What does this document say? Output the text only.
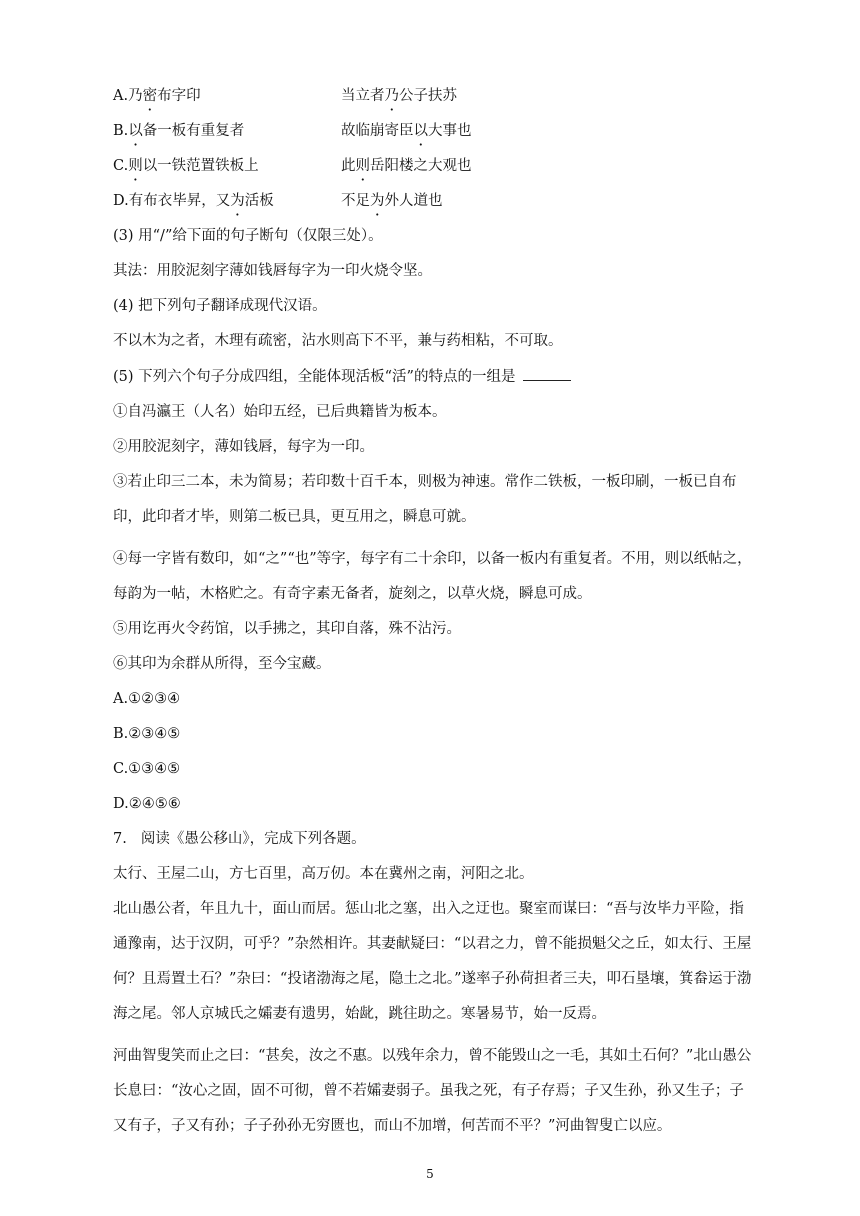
A.乃密布字印	当立者乃公子扶苏
B.以备一板有重复者	故临崩寄臣以大事也
C.则以一铁范置铁板上	此则岳阳楼之大观也
D.有布衣毕昇，又为活板	不足为外人道也
(3) 用“/”给下面的句子断句（仅限三处）。
其法：用胶泥刻字薄如钱唇每字为一印火烧令坚。
(4) 把下列句子翻译成现代汉语。
不以木为之者，木理有疏密，沾水则高下不平，兼与药相粘，不可取。
(5) 下列六个句子分成四组，全能体现活板“活”的特点的一组是
①自冯瀛王（人名）始印五经，已后典籍皆为板本。
②用胶泥刻字，薄如钱唇，每字为一印。
③若止印三二本，未为简易；若印数十百千本，则极为神速。常作二铁板，一板印刷，一板已自布印，此印者才毕，则第二板已具，更互用之，瞬息可就。
④每一字皆有数印，如“之”“也”等字，每字有二十余印，以备一板内有重复者。不用，则以纸帖之，每韵为一帖，木格贮之。有奇字素无备者，旋刻之，以草火烧，瞬息可成。
⑤用讫再火令药馆，以手拂之，其印自落，殊不沾污。
⑥其印为余群从所得，至今宝藏。
A.①②③④
B.②③④⑤
C.①③④⑤
D.②④⑤⑥
7. 阅读《愚公移山》，完成下列各题。
太行、王屋二山，方七百里，高万仞。本在冀州之南，河阳之北。
北山愚公者，年且九十，面山而居。惩山北之塞，出入之迂也。聚室而谋曰：“吾与汝毕力平险，指通豫南，达于汉阴，可乎？”杂然相许。其妻献疑曰：“以君之力，曾不能损魁父之丘，如太行、王屋何？且焉置土石？”杂曰：“投诸渤海之尾，隐土之北。”遂率子孙荷担者三夫，叩石垦壤，箕畚运于渤海之尾。邻人京城氏之孀妻有遗男，始龀，跳往助之。寒暑易节，始一反焉。
河曲智叟笑而止之曰：“甚矣，汝之不惠。以残年余力，曾不能毁山之一毛，其如土石何？”北山愚公长息曰：“汝心之固，固不可彻，曾不若孀妻弱子。虽我之死，有子存焉；子又生孙，孙又生子；子又有子，子又有孙；子子孙孙无穷匮也，而山不加增，何苦而不平？”河曲智叟亡以应。
5
